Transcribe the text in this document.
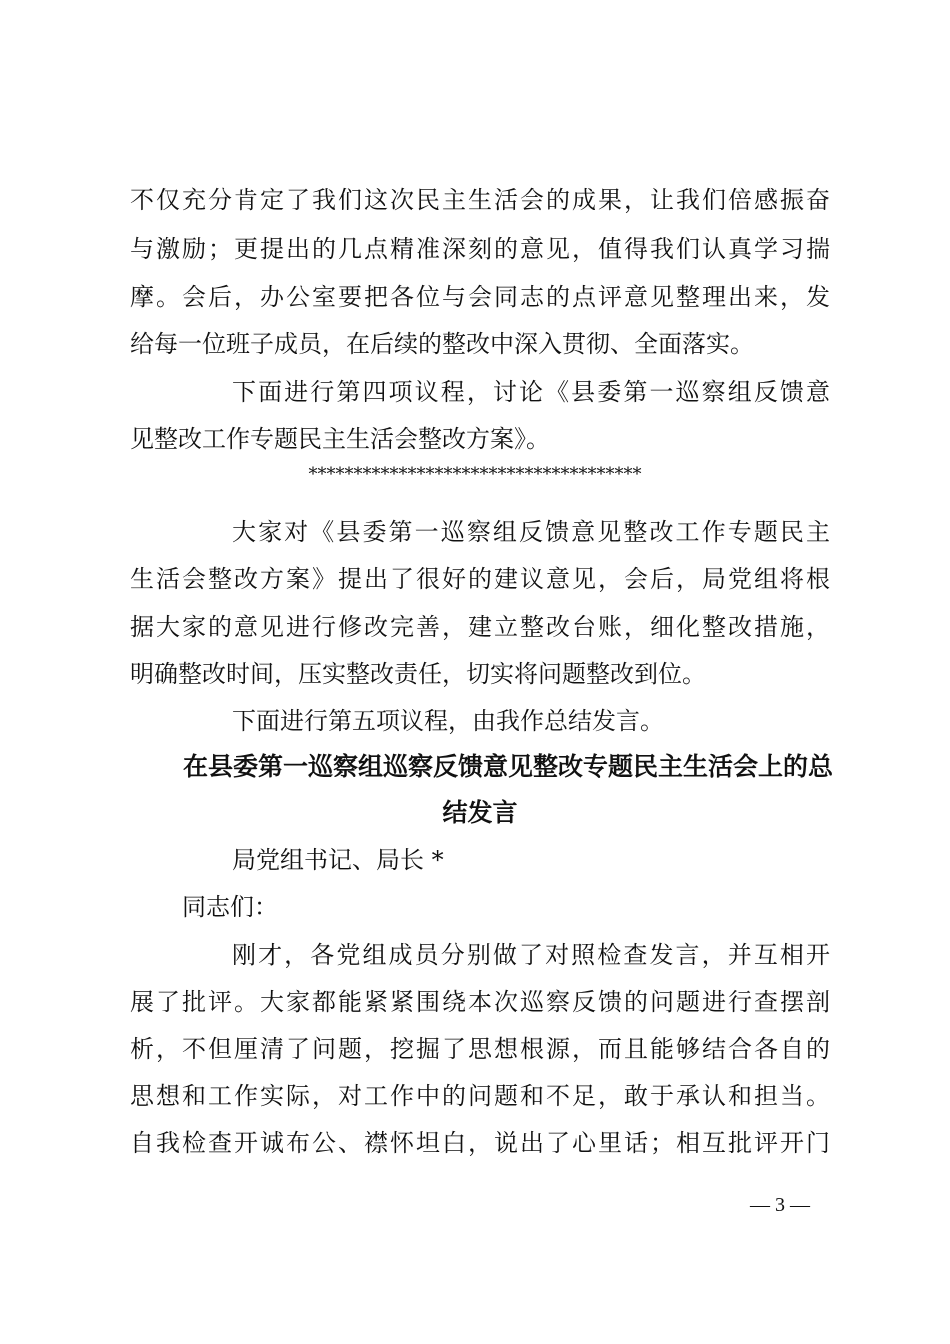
不仅充分肯定了我们这次民主生活会的成果，让我们倍感振奋
与激励；更提出的几点精准深刻的意见，值得我们认真学习揣
摩。会后，办公室要把各位与会同志的点评意见整理出来，发
给每一位班子成员，在后续的整改中深入贯彻、全面落实。
下面进行第四项议程，讨论《县委第一巡察组反馈意
见整改工作专题民主生活会整改方案》。
*************************************
大家对《县委第一巡察组反馈意见整改工作专题民主
生活会整改方案》提出了很好的建议意见，会后，局党组将根
据大家的意见进行修改完善，建立整改台账，细化整改措施，
明确整改时间，压实整改责任，切实将问题整改到位。
下面进行第五项议程，由我作总结发言。
在县委第一巡察组巡察反馈意见整改专题民主生活会上的总
结发言
局党组书记、局长 *
同志们：
刚才，各党组成员分别做了对照检查发言，并互相开
展了批评。大家都能紧紧围绕本次巡察反馈的问题进行查摆剖
析，不但厘清了问题，挖掘了思想根源，而且能够结合各自的
思想和工作实际，对工作中的问题和不足，敢于承认和担当。
自我检查开诚布公、襟怀坦白，说出了心里话；相互批评开门
— 3 —
